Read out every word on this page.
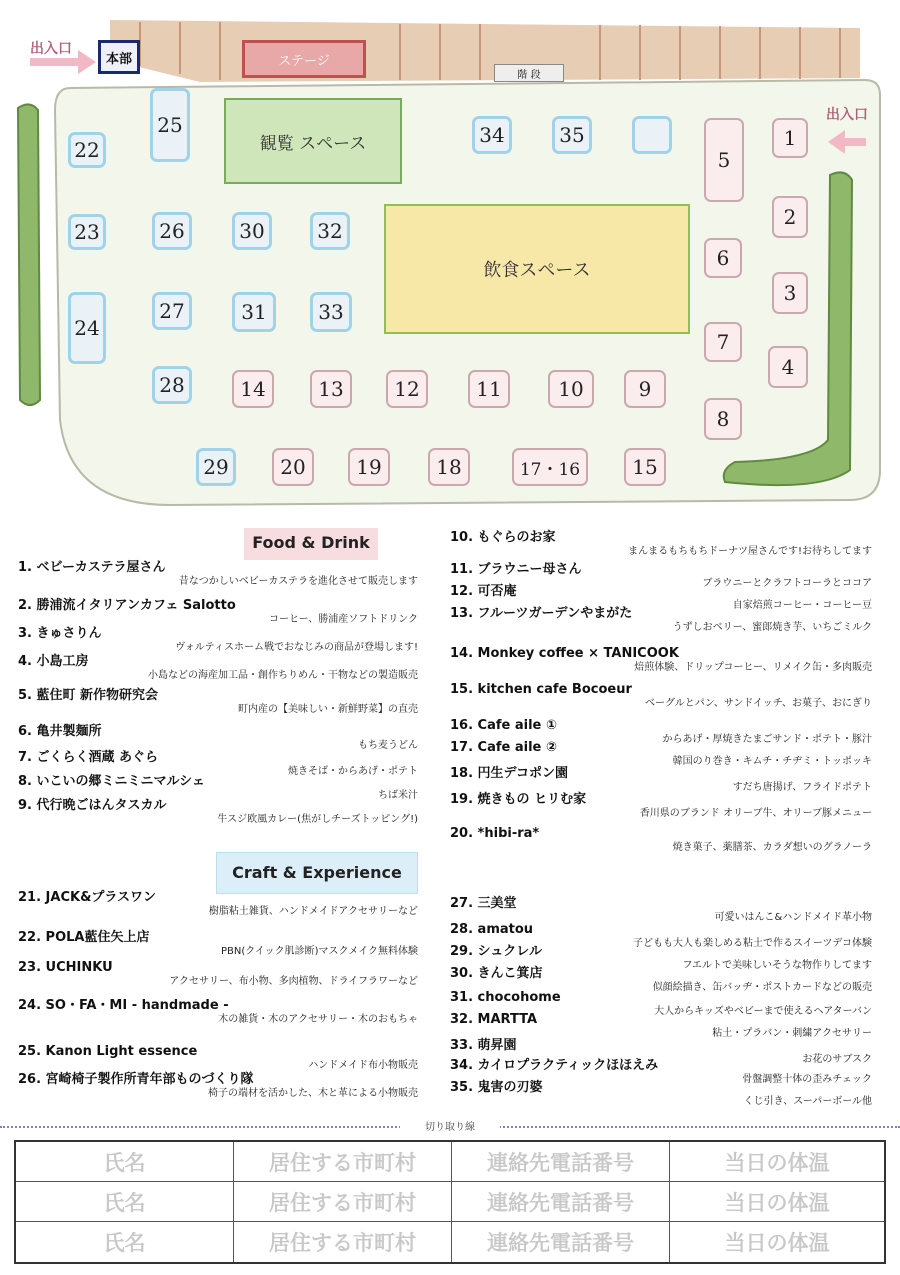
本部	ステージ
階 段
出入口
出入口
観覧 スペース
飲食スペース
22
23
24
25
26
27
28
29
30
31
32
33
34	35	1
2
3
4
5
6
7
8
9
10
11
12
13
14
15
17・16
18
19
20
Food & Drink
Craft & Experience
切り取り線
氏名	居住する市町村	連絡先電話番号	当日の体温
氏名	居住する市町村	連絡先電話番号	当日の体温
氏名	居住する市町村	連絡先電話番号	当日の体温
1. ベビーカステラ屋さん
昔なつかしいベビーカステラを進化させて販売します
2. 勝浦流イタリアンカフェ Salotto
コーヒー、勝浦産ソフトドリンク
3. きゅさりん
ヴォルティスホーム戦でおなじみの商品が登場します!
4. 小島工房
小島などの海産加工品・創作ちりめん・干物などの製造販売
5. 藍住町 新作物研究会
町内産の【美味しい・新鮮野菜】の直売
6. 亀井製麺所
もち麦うどん
7. ごくらく酒蔵 あぐら
焼きそば・からあげ・ポテト
8. いこいの郷ミニミニマルシェ
ちば米汁
9. 代行晩ごはんタスカル
牛スジ欧風カレー(焦がしチーズトッピング!)
10. もぐらのお家
まんまるもちもちドーナツ屋さんです!お待ちしてます
11. ブラウニー母さん
ブラウニーとクラフトコーラとココア
12. 可否庵
自家焙煎コーヒー・コーヒー豆
13. フルーツガーデンやまがた
うずしおベリー、蜜郎焼き芋、いちごミルク
14. Monkey coffee × TANICOOK
焙煎体験、ドリップコーヒー、リメイク缶・多肉販売
15. kitchen cafe Bocoeur
ベーグルとパン、サンドイッチ、お菓子、おにぎり
16. Cafe aile ①
からあげ・厚焼きたまごサンド・ポテト・豚汁
17. Cafe aile ②
韓国のり巻き・キムチ・チヂミ・トッポッキ
18. 円生デコポン園
すだち唐揚げ、フライドポテト
19. 焼きもの ヒリむ家
香川県のブランド オリーブ牛、オリーブ豚メニュー
20. *hibi-ra*
焼き菓子、薬膳茶、カラダ想いのグラノーラ
21. JACK&プラスワン
樹脂粘土雑貨、ハンドメイドアクセサリーなど
22. POLA藍住矢上店
PBN(クイック肌診断)マスクメイク無料体験
23. UCHINKU
アクセサリー、布小物、多肉植物、ドライフラワーなど
24. SO・FA・MI - handmade -
木の雑貨・木のアクセサリー・木のおもちゃ
25. Kanon Light essence
ハンドメイド布小物販売
26. 宮崎椅子製作所青年部ものづくり隊
椅子の端材を活かした、木と革による小物販売
27. 三美堂
可愛いはんこ&ハンドメイド革小物
28. amatou
子どもも大人も楽しめる粘土で作るスイーツデコ体験
29. シュクレル
フエルトで美味しいそうな物作りしてます
30. きんこ箕店
似顔絵描き、缶バッヂ・ポストカードなどの販売
31. chocohome
大人からキッズやベビーまで使えるヘアターバン
32. MARTTA
粘土・プラバン・刺繍アクセサリー
33. 萌昇園
お花のサブスク
34. カイロプラクティックほほえみ
骨盤調整十体の歪みチェック
35. 鬼害の刃婆
くじ引き、スーパーボール他
